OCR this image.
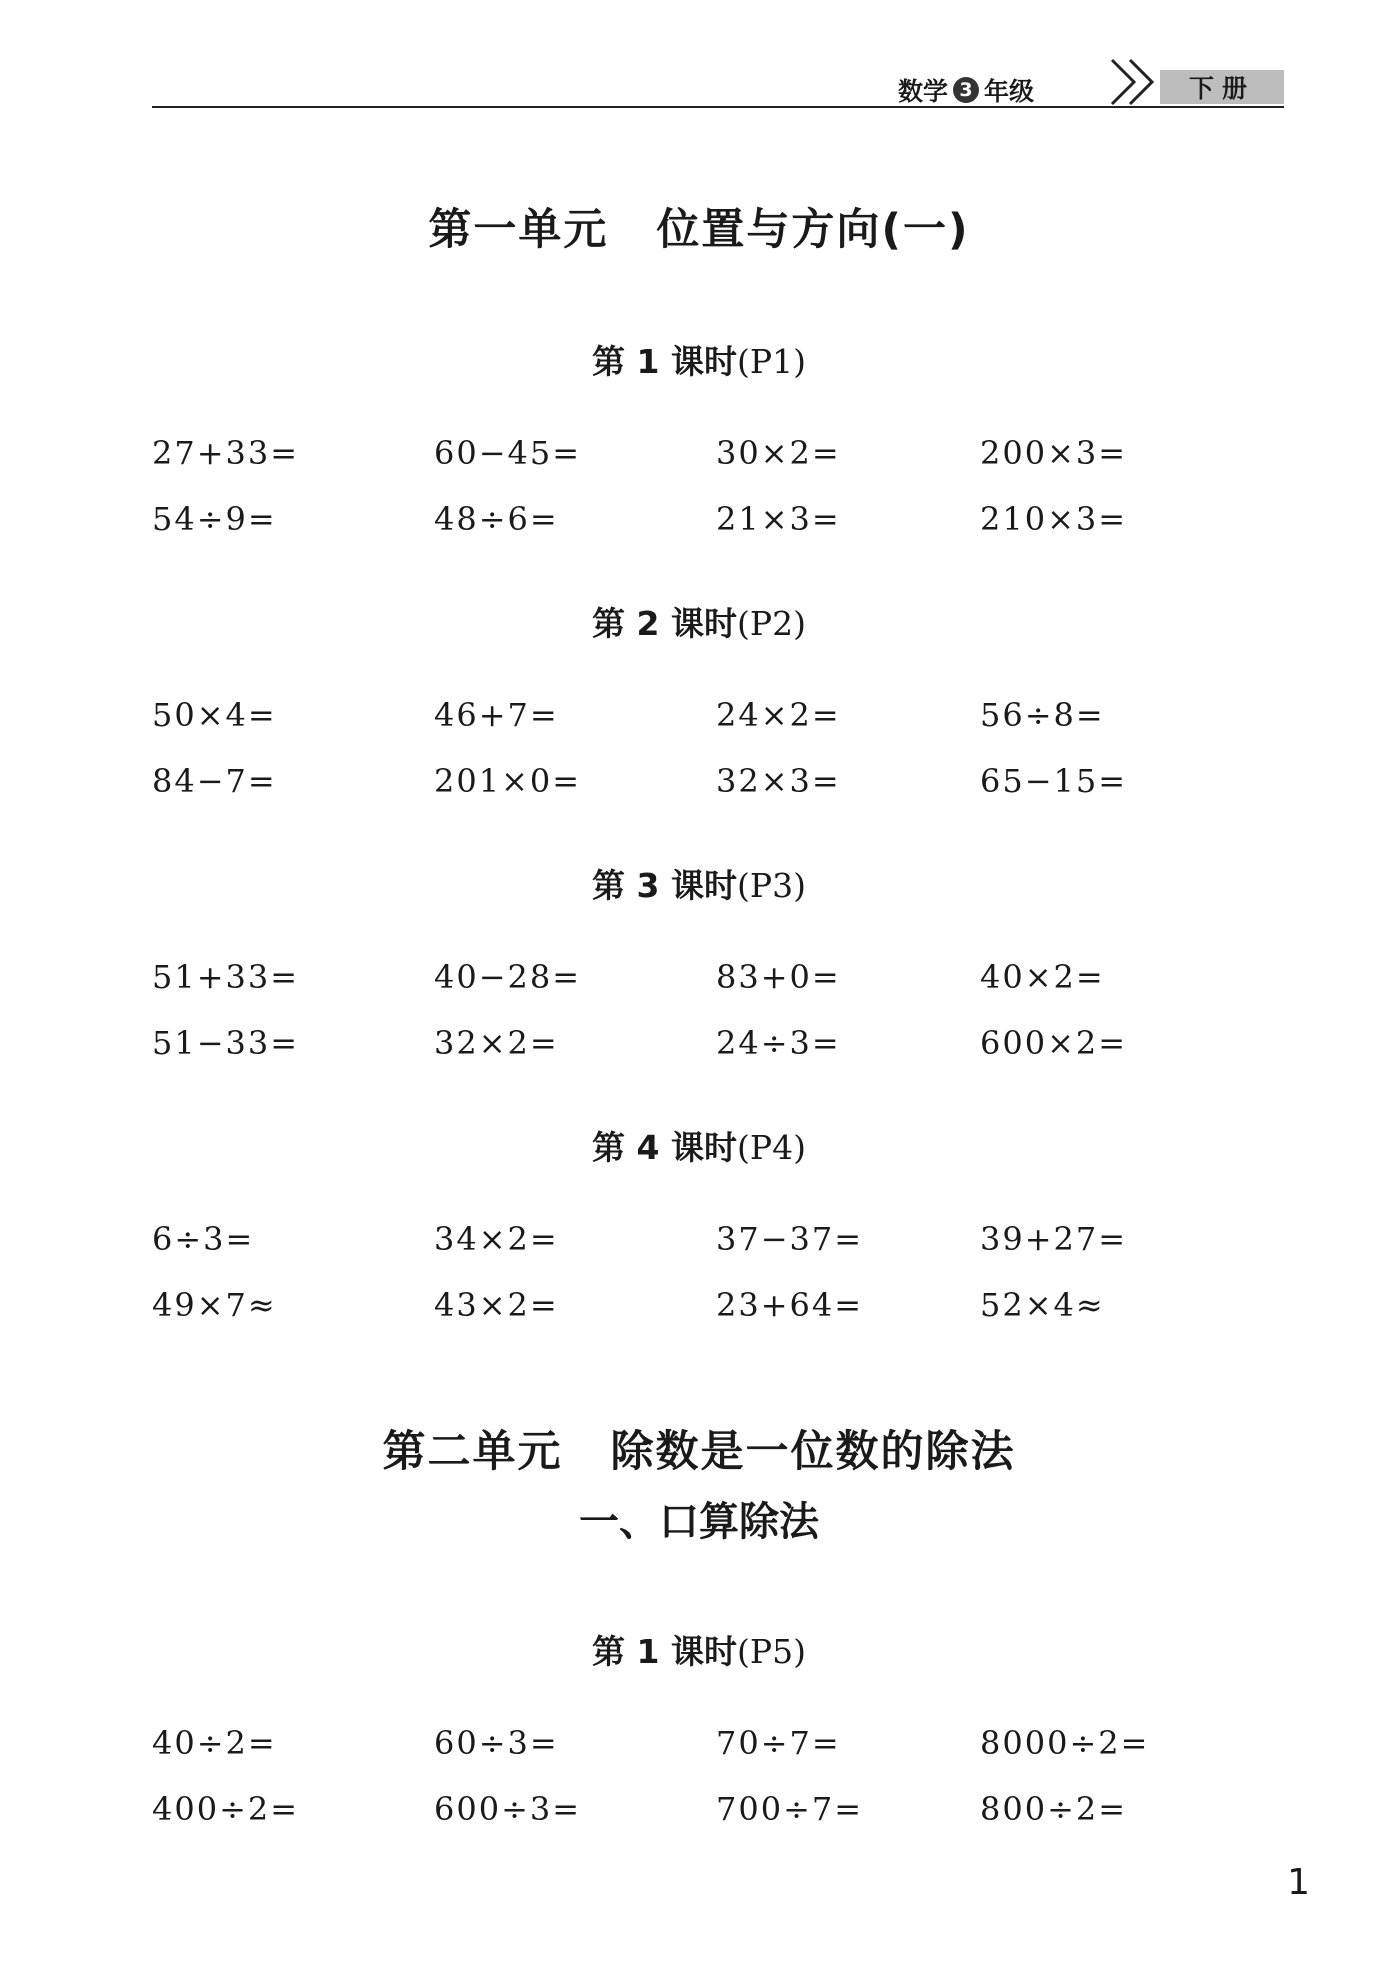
数学 3 年级	下册
第一单元 位置与方向(一)
第 1 课时(P1)
27+33=	60−45=	30×2=	200×3=
54÷9=	48÷6=	21×3=	210×3=
第 2 课时(P2)
50×4=	46+7=	24×2=	56÷8=
84−7=	201×0=	32×3=	65−15=
第 3 课时(P3)
51+33=	40−28=	83+0=	40×2=
51−33=	32×2=	24÷3=	600×2=
第 4 课时(P4)
6÷3=	34×2=	37−37=	39+27=
49×7≈	43×2=	23+64=	52×4≈
第二单元 除数是一位数的除法
一、口算除法
第 1 课时(P5)
40÷2=	60÷3=	70÷7=	8000÷2=
400÷2=	600÷3=	700÷7=	800÷2=
1
